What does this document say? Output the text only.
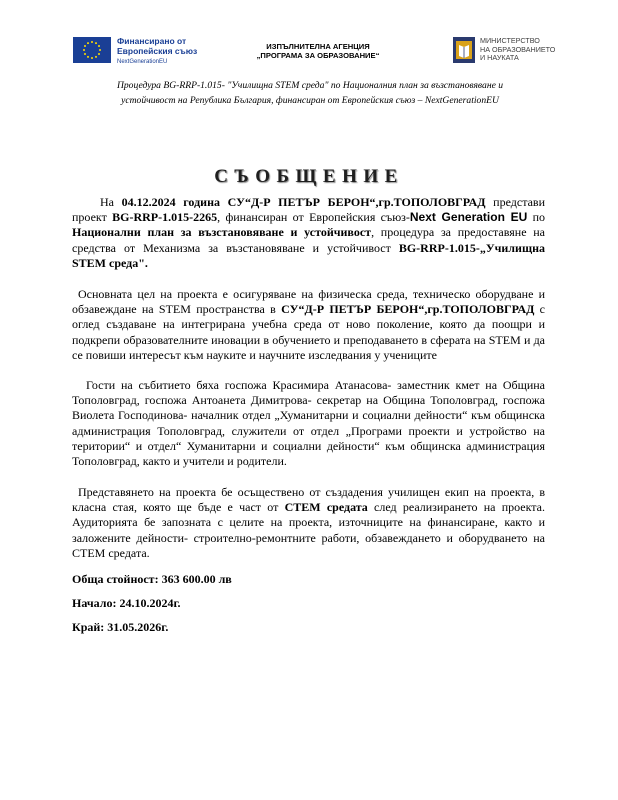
Финансирано от
Европейския съюз
NextGenerationEU
ИЗПЪЛНИТЕЛНА АГЕНЦИЯ
„ПРОГРАМА ЗА ОБРАЗОВАНИЕ“
МИНИСТЕРСТВО
НА ОБРАЗОВАНИЕТО
И НАУКАТА
Процедура BG-RRP-1.015- "Училищна STEM среда" по Националния план за възстановяване и
устойчивост на Република България, финансиран от Европейския съюз – NextGenerationEU
СЪОБЩЕНИЕ

На 04.12.2024 година СУ“Д-Р ПЕТЪР БЕРОН“,гр.ТОПОЛОВГРАД представи проект BG-RRP-1.015-2265, финансиран от Европейския съюз-Next Generation EU по Национални план за възстановяване и устойчивост, процедура за предоставяне на средства от Механизма за възстановяване и устойчивост BG-RRP-1.015-„Училищна STEM среда".

Основната цел на проекта е осигуряване на физическа среда, техническо оборудване и обзавеждане на STEM пространства в СУ“Д-Р ПЕТЪР БЕРОН“,гр.ТОПОЛОВГРАД с оглед създаване на интегрирана учебна среда от ново поколение, която да поощри и подкрепи образователните иновации в обучението и преподаването в сферата на STEM и да се повиши интересът към науките и научните изследвания у учениците

Гости на събитието бяха госпожа Красимира Атанасова- заместник кмет на Община Тополовград, госпожа Антоанета Димитрова- секретар на Община Тополовград, госпожа Виолета Господинова- началник отдел „Хуманитарни и социални дейности“ към общинска администрация Тополовград, служители от отдел „Програми проекти и устройство на територии“ и отдел“ Хуманитарни и социални дейности“ към общинска администрация Тополовград, както и учители и родители.

Представянето на проекта бе осъществено от създадения училищен екип на проекта, в класна стая, която ще бъде е част от СТЕМ средата след реализирането на проекта. Аудиторията бе запозната с целите на проекта, източниците на финансиране, както и заложените дейности- строително-ремонтните работи, обзавеждането и оборудването на СТЕМ средата.

Обща стойност: 363 600.00 лв
Начало: 24.10.2024г.
Край: 31.05.2026г.
